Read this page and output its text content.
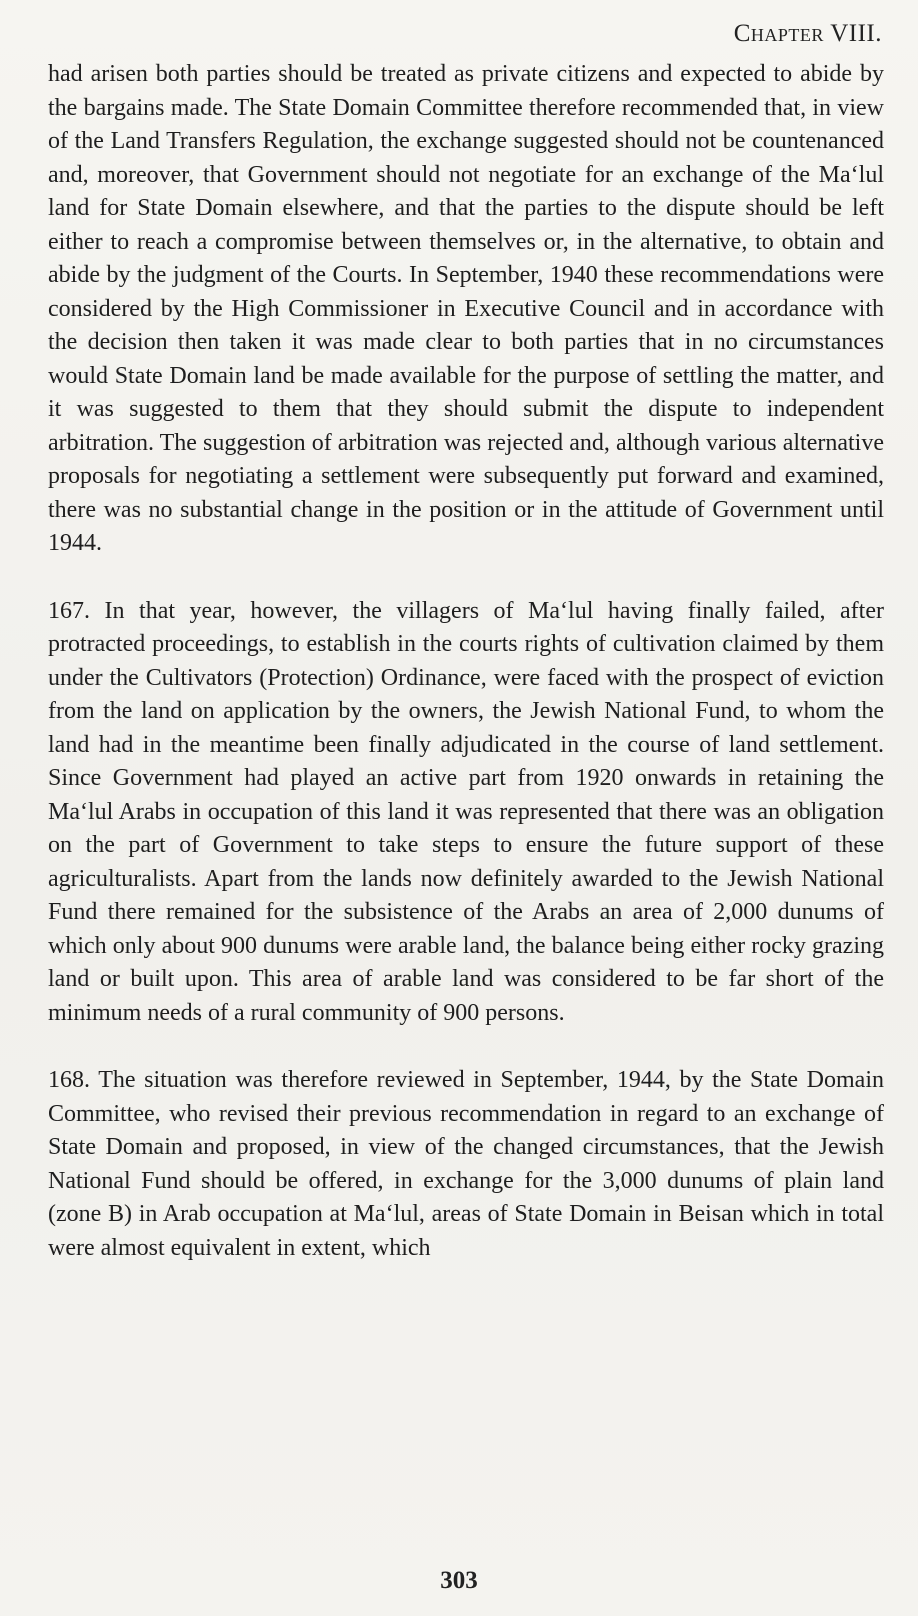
Chapter VIII.

had arisen both parties should be treated as private citizens and expected to abide by the bargains made. The State Domain Committee therefore recommended that, in view of the Land Transfers Regulation, the exchange suggested should not be countenanced and, moreover, that Government should not negotiate for an exchange of the Ma‘lul land for State Domain elsewhere, and that the parties to the dispute should be left either to reach a compromise between themselves or, in the alternative, to obtain and abide by the judgment of the Courts. In September, 1940 these recommendations were considered by the High Commissioner in Executive Council and in accordance with the decision then taken it was made clear to both parties that in no circumstances would State Domain land be made available for the purpose of settling the matter, and it was suggested to them that they should submit the dispute to independent arbitration. The suggestion of arbitration was rejected and, although various alternative proposals for negotiating a settlement were subsequently put forward and examined, there was no substantial change in the position or in the attitude of Government until 1944.

167. In that year, however, the villagers of Ma‘lul having finally failed, after protracted proceedings, to establish in the courts rights of cultivation claimed by them under the Cultivators (Protection) Ordinance, were faced with the prospect of eviction from the land on application by the owners, the Jewish National Fund, to whom the land had in the meantime been finally adjudicated in the course of land settlement. Since Government had played an active part from 1920 onwards in retaining the Ma‘lul Arabs in occupation of this land it was represented that there was an obligation on the part of Government to take steps to ensure the future support of these agriculturalists. Apart from the lands now definitely awarded to the Jewish National Fund there remained for the subsistence of the Arabs an area of 2,000 dunums of which only about 900 dunums were arable land, the balance being either rocky grazing land or built upon. This area of arable land was considered to be far short of the minimum needs of a rural community of 900 persons.

168. The situation was therefore reviewed in September, 1944, by the State Domain Committee, who revised their previous recommendation in regard to an exchange of State Domain and proposed, in view of the changed circumstances, that the Jewish National Fund should be offered, in exchange for the 3,000 dunums of plain land (zone B) in Arab occupation at Ma‘lul, areas of State Domain in Beisan which in total were almost equivalent in extent, which

303
